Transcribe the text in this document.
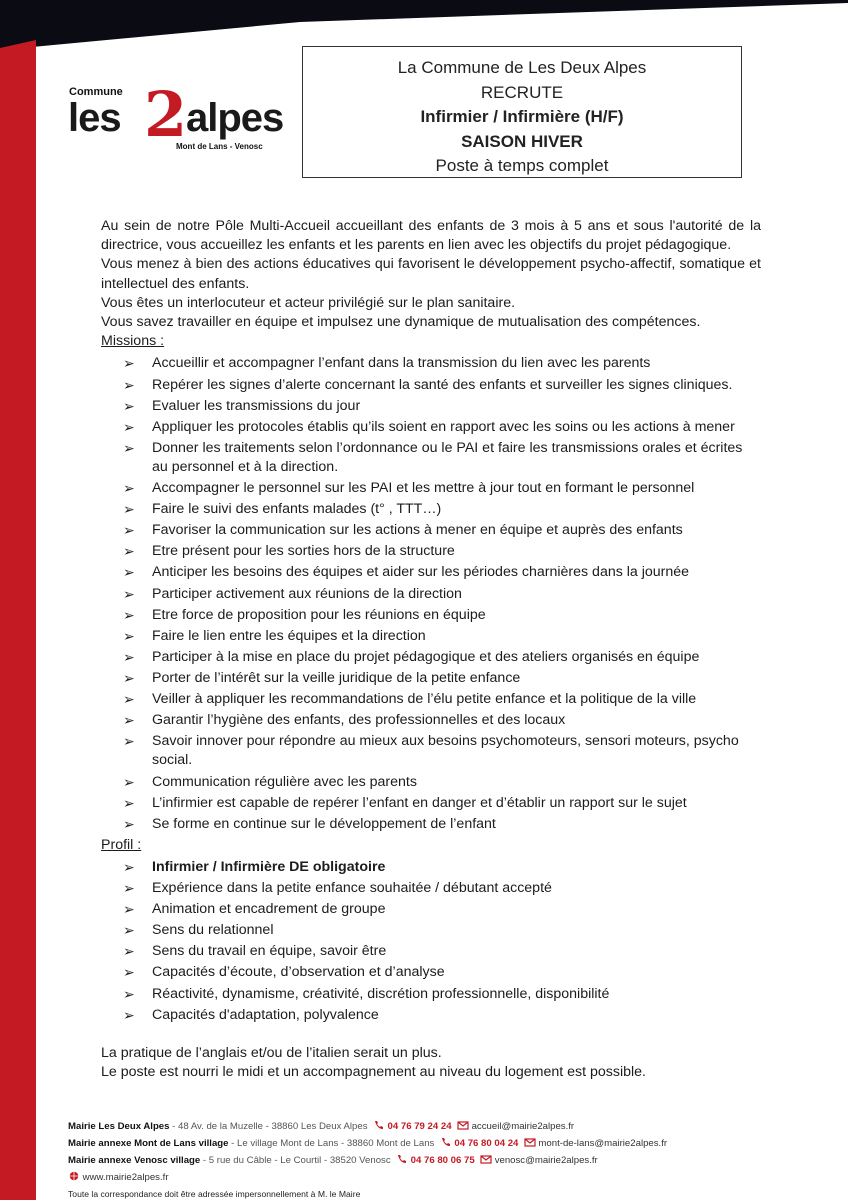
Commune
les 2
alpes
Mont de Lans - Venosc
La Commune de Les Deux Alpes
RECRUTE
Infirmier / Infirmière (H/F)
SAISON HIVER
Poste à temps complet

Au sein de notre Pôle Multi-Accueil accueillant des enfants de 3 mois à 5 ans et sous l'autorité de la directrice, vous accueillez les enfants et les parents en lien avec les objectifs du projet pédagogique.

Vous menez à bien des actions éducatives qui favorisent le développement psycho-affectif, somatique et intellectuel des enfants.

Vous êtes un interlocuteur et acteur privilégié sur le plan sanitaire.

Vous savez travailler en équipe et impulsez une dynamique de mutualisation des compétences.

Missions :

➢ Accueillir et accompagner l’enfant dans la transmission du lien avec les parents
➢ Repérer les signes d’alerte concernant la santé des enfants et surveiller les signes cliniques.
➢ Evaluer les transmissions du jour
➢ Appliquer les protocoles établis qu’ils soient en rapport avec les soins ou les actions à mener
➢ Donner les traitements selon l’ordonnance ou le PAI et faire les transmissions orales et écrites au personnel et à la direction.
➢ Accompagner le personnel sur les PAI et les mettre à jour tout en formant le personnel
➢ Faire le suivi des enfants malades (t° , TTT…)
➢ Favoriser la communication sur les actions à mener en équipe et auprès des enfants
➢ Etre présent pour les sorties hors de la structure
➢ Anticiper les besoins des équipes et aider sur les périodes charnières dans la journée
➢ Participer activement aux réunions de la direction
➢ Etre force de proposition pour les réunions en équipe
➢ Faire le lien entre les équipes et la direction
➢ Participer à la mise en place du projet pédagogique et des ateliers organisés en équipe
➢ Porter de l’intérêt sur la veille juridique de la petite enfance
➢ Veiller à appliquer les recommandations de l’élu petite enfance et la politique de la ville
➢ Garantir l’hygiène des enfants, des professionnelles et des locaux
➢ Savoir innover pour répondre au mieux aux besoins psychomoteurs, sensori moteurs, psycho social.
➢ Communication régulière avec les parents
➢ L’infirmier est capable de repérer l’enfant en danger et d’établir un rapport sur le sujet
➢ Se forme en continue sur le développement de l’enfant

Profil :

➢ Infirmier / Infirmière DE obligatoire
➢ Expérience dans la petite enfance souhaitée / débutant accepté
➢ Animation et encadrement de groupe
➢ Sens du relationnel
➢ Sens du travail en équipe, savoir être
➢ Capacités d’écoute, d’observation et d’analyse
➢ Réactivité, dynamisme, créativité, discrétion professionnelle, disponibilité
➢ Capacités d'adaptation, polyvalence

La pratique de l’anglais et/ou de l’italien serait un plus.

Le poste est nourri le midi et un accompagnement au niveau du logement est possible.

Mairie Les Deux Alpes - 48 Av. de la Muzelle - 38860 Les Deux Alpes 04 76 79 24 24 accueil@mairie2alpes.fr
Mairie annexe Mont de Lans village - Le village Mont de Lans - 38860 Mont de Lans 04 76 80 04 24 mont-de-lans@mairie2alpes.fr
Mairie annexe Venosc village - 5 rue du Câble - Le Courtil - 38520 Venosc 04 76 80 06 75 venosc@mairie2alpes.fr
www.mairie2alpes.fr
Toute la correspondance doit être adressée impersonnellement à M. le Maire
